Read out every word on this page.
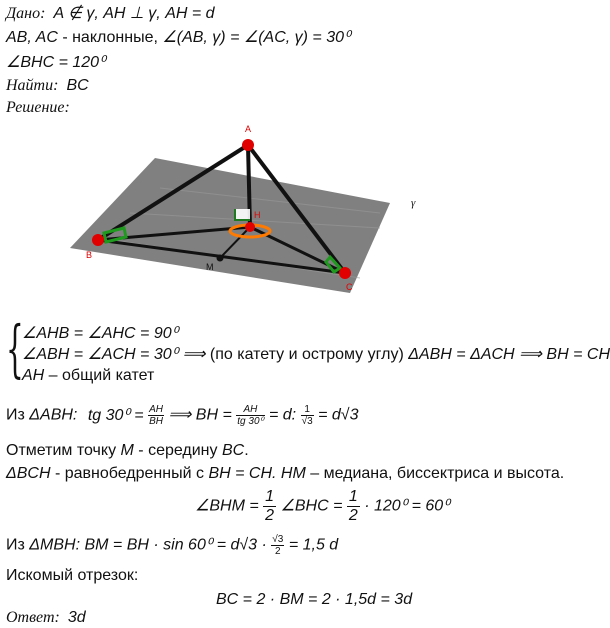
Дано: A ∉ γ, AH ⊥ γ, AH = d
AB, AC - наклонные, ∠(AB, γ) = ∠(AC, γ) = 30⁰
∠BHC = 120⁰
Найти: BC
Решение:
A
B
C
H
M
γ
{
∠AHB = ∠AHC = 90⁰
∠ABH = ∠ACH = 30⁰ ⟹ (по катету и острому углу) ΔABH = ΔACH ⟹ BH = CH
AH – общий катет
Из ΔABH: tg $30^0 = \frac{AH}{BH}$ ⟹ BH = $\frac{AH}{\text{tg 30⁰}} = d$: $\frac{1}{√3} = d√3$
Отметим точку M - середину BC.
ΔBCH - равнобедренный с BH = CH. HM – медиана, биссектриса и высота.
∠BHM = $\frac{1}{2}$ ∠BHC = $\frac{1}{2} \cdot 120^0 = 60^0$
Из ΔMBH: BM = BH · $\sin 60^0 = d√3 \cdot \frac{√3}{2} = 1,5$ d
Искомый отрезок:
BC = 2 · BM = 2 · 1,5d = 3d
Ответ: 3d
